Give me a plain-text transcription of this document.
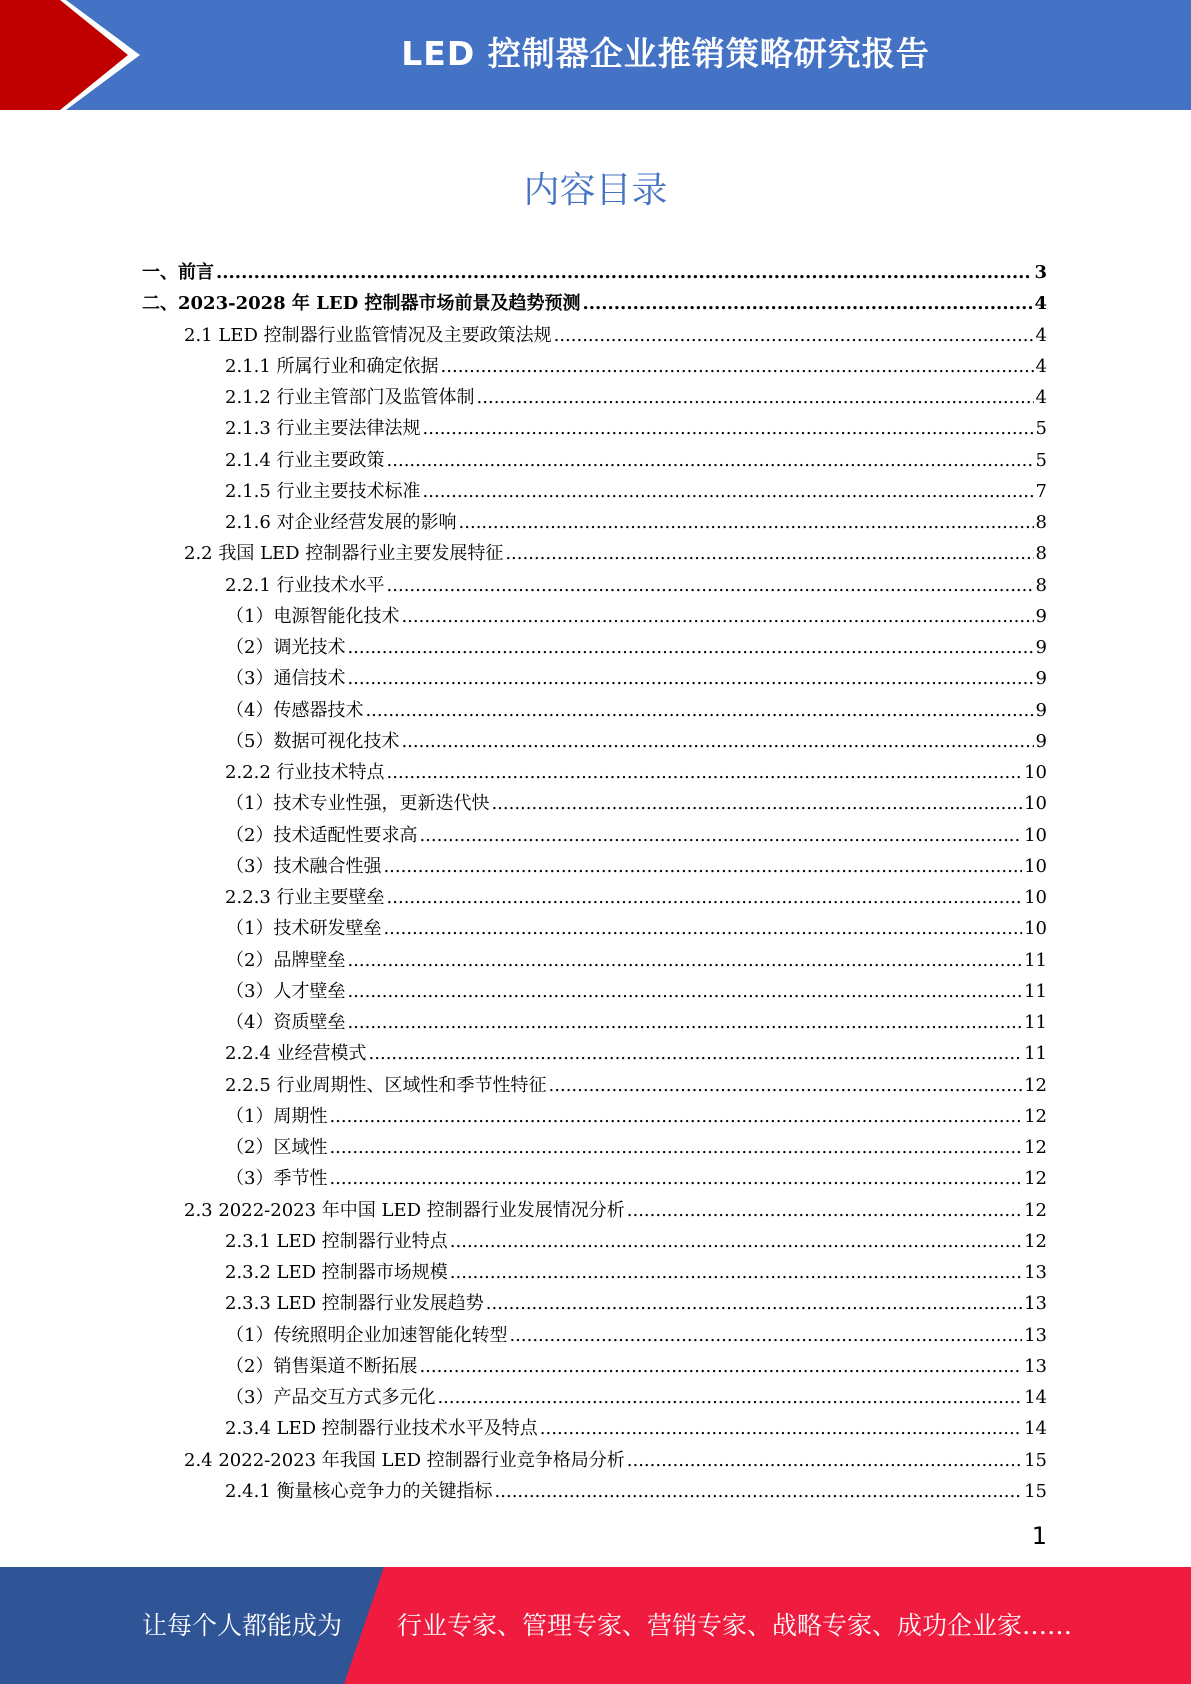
LED 控制器企业推销策略研究报告
内容目录
一、前言 .....	3
二、2023-2028 年 LED 控制器市场前景及趋势预测 .....	4
2.1 LED 控制器行业监管情况及主要政策法规 .....	4
2.1.1 所属行业和确定依据 .....	4
2.1.2 行业主管部门及监管体制 .....	4
2.1.3 行业主要法律法规 .....	5
2.1.4 行业主要政策 .....	5
2.1.5 行业主要技术标准 .....	7
2.1.6 对企业经营发展的影响 .....	8
2.2 我国 LED 控制器行业主要发展特征 .....	8
2.2.1 行业技术水平 .....	8
（1）电源智能化技术 .....	9
（2）调光技术 .....	9
（3）通信技术 .....	9
（4）传感器技术 .....	9
（5）数据可视化技术 .....	9
2.2.2 行业技术特点 .....	10
（1）技术专业性强，更新迭代快 .....	10
（2）技术适配性要求高 .....	10
（3）技术融合性强 .....	10
2.2.3 行业主要壁垒 .....	10
（1）技术研发壁垒 .....	10
（2）品牌壁垒 .....	11
（3）人才壁垒 .....	11
（4）资质壁垒 .....	11
2.2.4 业经营模式 .....	11
2.2.5 行业周期性、区域性和季节性特征 .....	12
（1）周期性 .....	12
（2）区域性 .....	12
（3）季节性 .....	12
2.3 2022-2023 年中国 LED 控制器行业发展情况分析 .....	12
2.3.1 LED 控制器行业特点 .....	12
2.3.2 LED 控制器市场规模 .....	13
2.3.3 LED 控制器行业发展趋势 .....	13
（1）传统照明企业加速智能化转型 .....	13
（2）销售渠道不断拓展 .....	13
（3）产品交互方式多元化 .....	14
2.3.4 LED 控制器行业技术水平及特点 .....	14
2.4 2022-2023 年我国 LED 控制器行业竞争格局分析 .....	15
2.4.1 衡量核心竞争力的关键指标 .....	15
1
让每个人都能成为 行业专家、管理专家、营销专家、战略专家、成功企业家……
